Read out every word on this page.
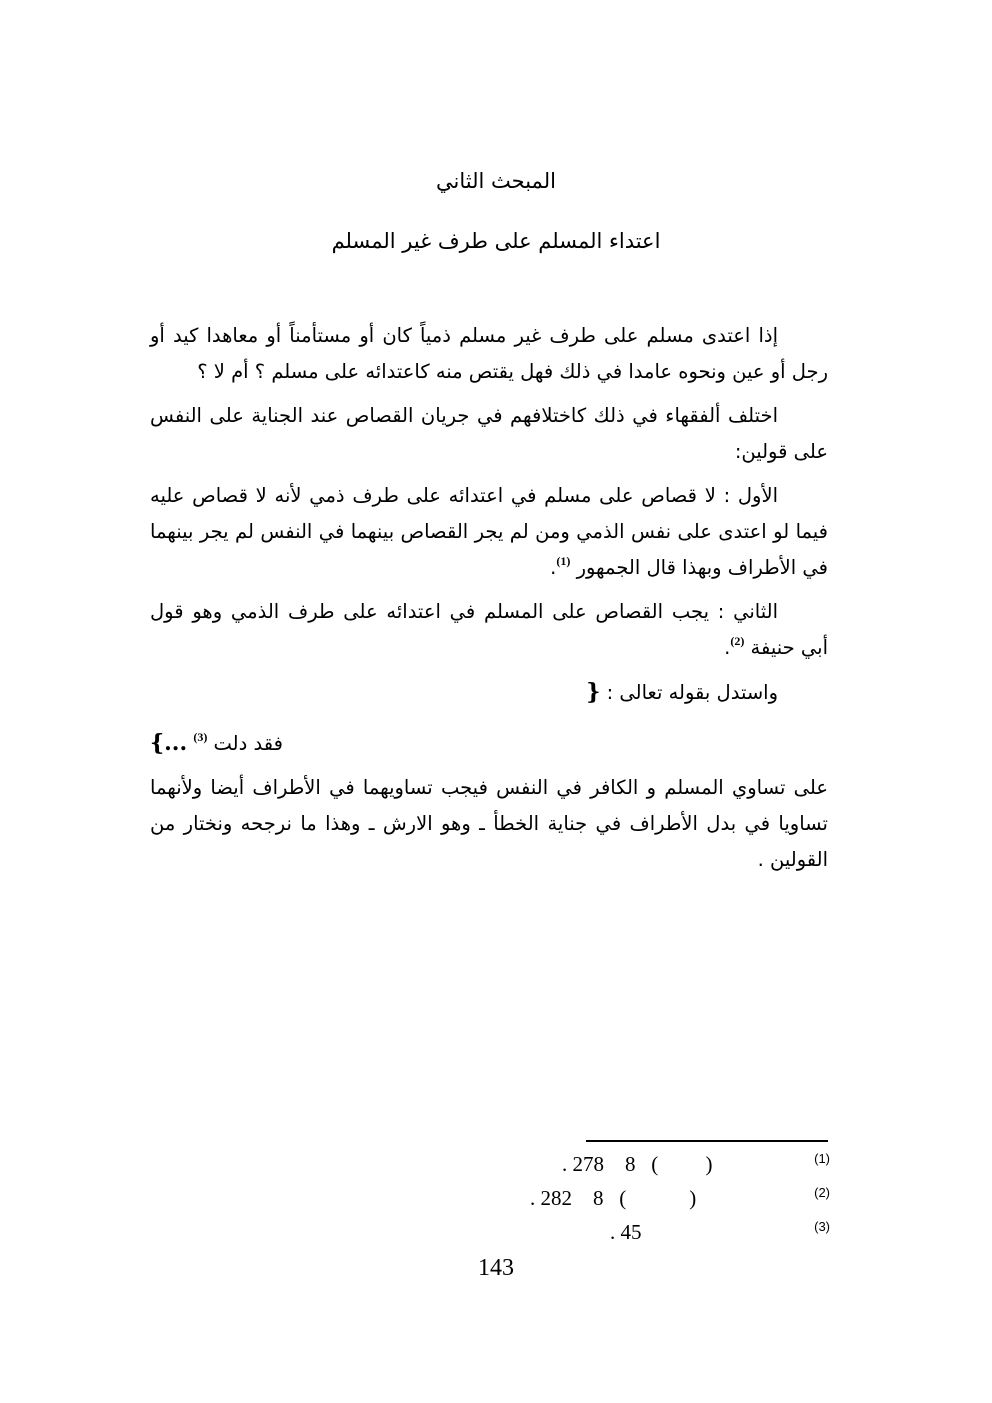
المبحث الثاني
اعتداء المسلم على طرف غير المسلم

إذا اعتدى مسلم على طرف غير مسلم ذمياً كان أو مستأمناً أو معاهدا كيد أو رجل أو عين ونحوه عامدا في ذلك فهل يقتص منه كاعتدائه على مسلم ؟ أم لا ؟

اختلف ألفقهاء في ذلك كاختلافهم في جريان القصاص عند الجناية على النفس على قولين:

الأول : لا قصاص على مسلم في اعتدائه على طرف ذمي لأنه لا قصاص عليه فيما لو اعتدى على نفس الذمي ومن لم يجر القصاص بينهما في النفس لم يجر بينهما في الأطراف وبهذا قال الجمهور $^{(1)}$.

الثاني : يجب القصاص على المسلم في اعتدائه على طرف الذمي وهو قول أبي حنيفة $^{(2)}$.

واستدل بقوله تعالى : {

فقد دلت $^{(3)}$ ...}

على تساوي المسلم و الكافر في النفس فيجب تساويهما في الأطراف أيضا ولأنهما تساويا في بدل الأطراف في جناية الخطأ ـ وهو الارش ـ وهذا ما نرجحه ونختار من القولين .

. 278    8   (         )	(1)
. 282    8   (            )	(2)
. 45	(3)
143
